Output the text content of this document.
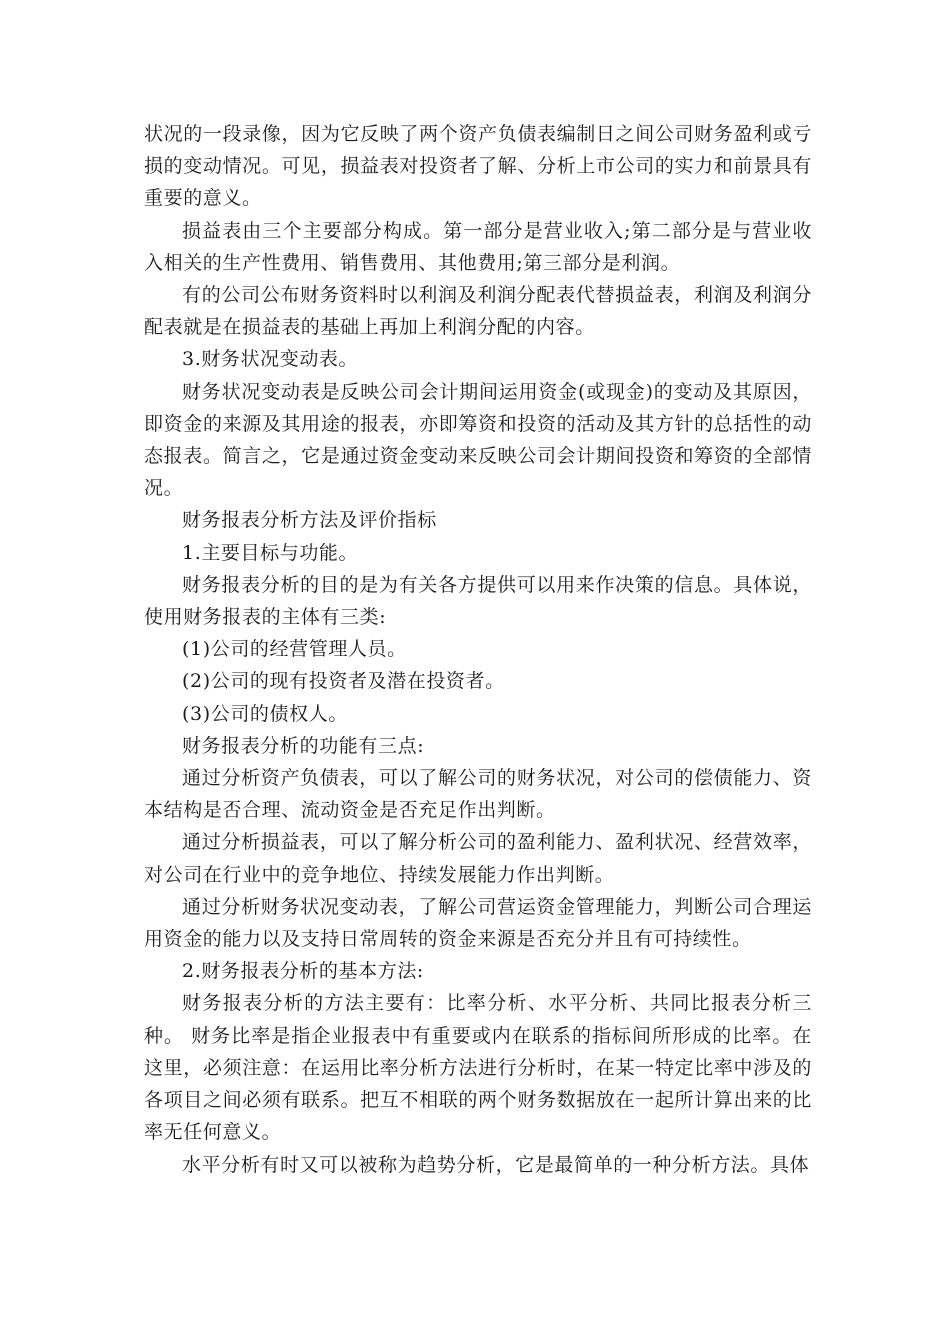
状况的一段录像，因为它反映了两个资产负债表编制日之间公司财务盈利或亏损的变动情况。可见，损益表对投资者了解、分析上市公司的实力和前景具有重要的意义。

损益表由三个主要部分构成。第一部分是营业收入;第二部分是与营业收入相关的生产性费用、销售费用、其他费用;第三部分是利润。

有的公司公布财务资料时以利润及利润分配表代替损益表，利润及利润分配表就是在损益表的基础上再加上利润分配的内容。

3.财务状况变动表。

财务状况变动表是反映公司会计期间运用资金(或现金)的变动及其原因，即资金的来源及其用途的报表，亦即筹资和投资的活动及其方针的总括性的动态报表。简言之，它是通过资金变动来反映公司会计期间投资和筹资的全部情况。

财务报表分析方法及评价指标

1.主要目标与功能。

财务报表分析的目的是为有关各方提供可以用来作决策的信息。具体说，使用财务报表的主体有三类:

(1)公司的经营管理人员。

(2)公司的现有投资者及潜在投资者。

(3)公司的债权人。

财务报表分析的功能有三点:

通过分析资产负债表，可以了解公司的财务状况，对公司的偿债能力、资本结构是否合理、流动资金是否充足作出判断。

通过分析损益表，可以了解分析公司的盈利能力、盈利状况、经营效率，对公司在行业中的竞争地位、持续发展能力作出判断。

通过分析财务状况变动表，了解公司营运资金管理能力，判断公司合理运用资金的能力以及支持日常周转的资金来源是否充分并且有可持续性。

2.财务报表分析的基本方法:

财务报表分析的方法主要有：比率分析、水平分析、共同比报表分析三种。 财务比率是指企业报表中有重要或内在联系的指标间所形成的比率。在这里，必须注意：在运用比率分析方法进行分析时，在某一特定比率中涉及的各项目之间必须有联系。把互不相联的两个财务数据放在一起所计算出来的比率无任何意义。

水平分析有时又可以被称为趋势分析，它是最简单的一种分析方法。具体
